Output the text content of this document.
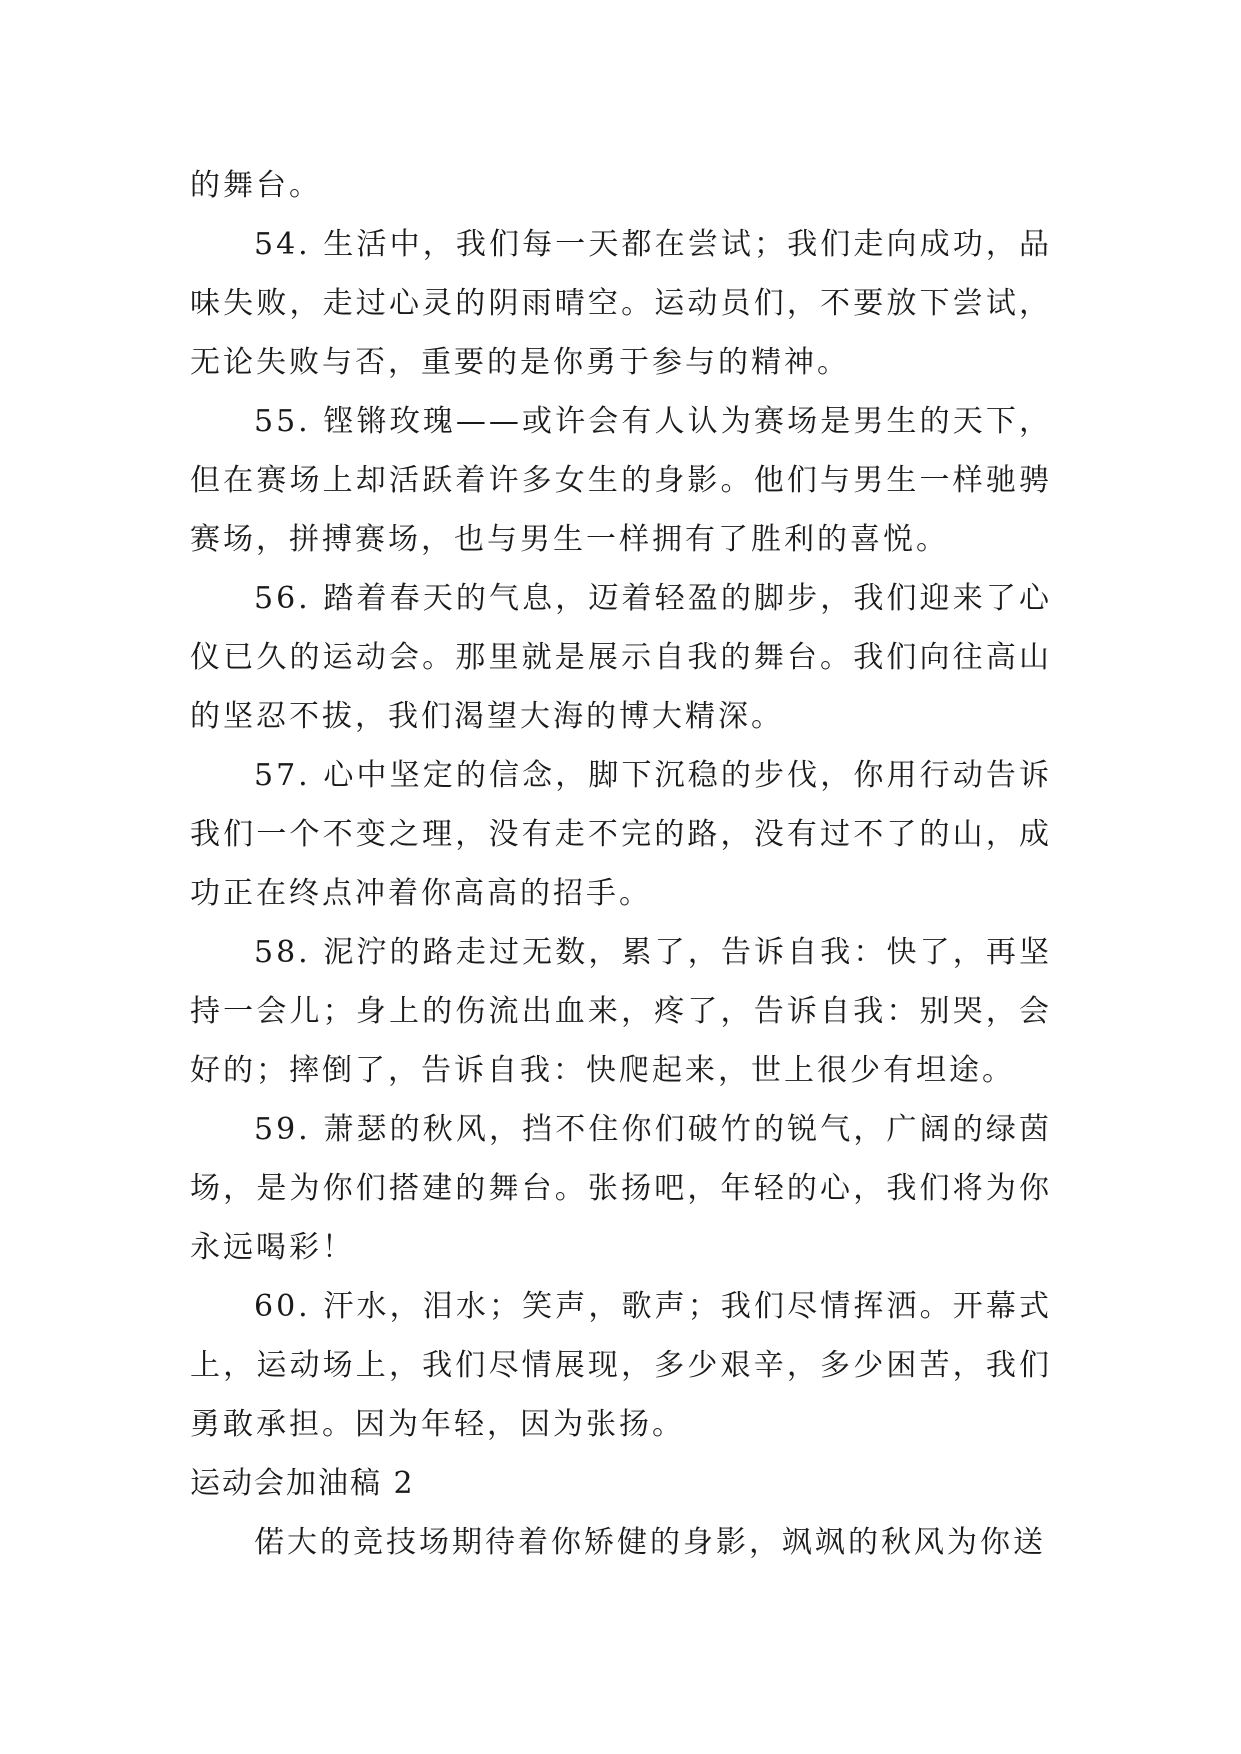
的舞台。

54. 生活中，我们每一天都在尝试；我们走向成功，品味失败，走过心灵的阴雨晴空。运动员们，不要放下尝试，无论失败与否，重要的是你勇于参与的精神。

55. 铿锵玫瑰——或许会有人认为赛场是男生的天下，但在赛场上却活跃着许多女生的身影。他们与男生一样驰骋赛场，拼搏赛场，也与男生一样拥有了胜利的喜悦。

56. 踏着春天的气息，迈着轻盈的脚步，我们迎来了心仪已久的运动会。那里就是展示自我的舞台。我们向往高山的坚忍不拔，我们渴望大海的博大精深。

57. 心中坚定的信念，脚下沉稳的步伐，你用行动告诉我们一个不变之理，没有走不完的路，没有过不了的山，成功正在终点冲着你高高的招手。

58. 泥泞的路走过无数，累了，告诉自我：快了，再坚持一会儿；身上的伤流出血来，疼了，告诉自我：别哭，会好的；摔倒了，告诉自我：快爬起来，世上很少有坦途。

59. 萧瑟的秋风，挡不住你们破竹的锐气，广阔的绿茵场，是为你们搭建的舞台。张扬吧，年轻的心，我们将为你永远喝彩！

60. 汗水，泪水；笑声，歌声；我们尽情挥洒。开幕式上，运动场上，我们尽情展现，多少艰辛，多少困苦，我们勇敢承担。因为年轻，因为张扬。

运动会加油稿 2

偌大的竞技场期待着你矫健的身影，飒飒的秋风为你送
